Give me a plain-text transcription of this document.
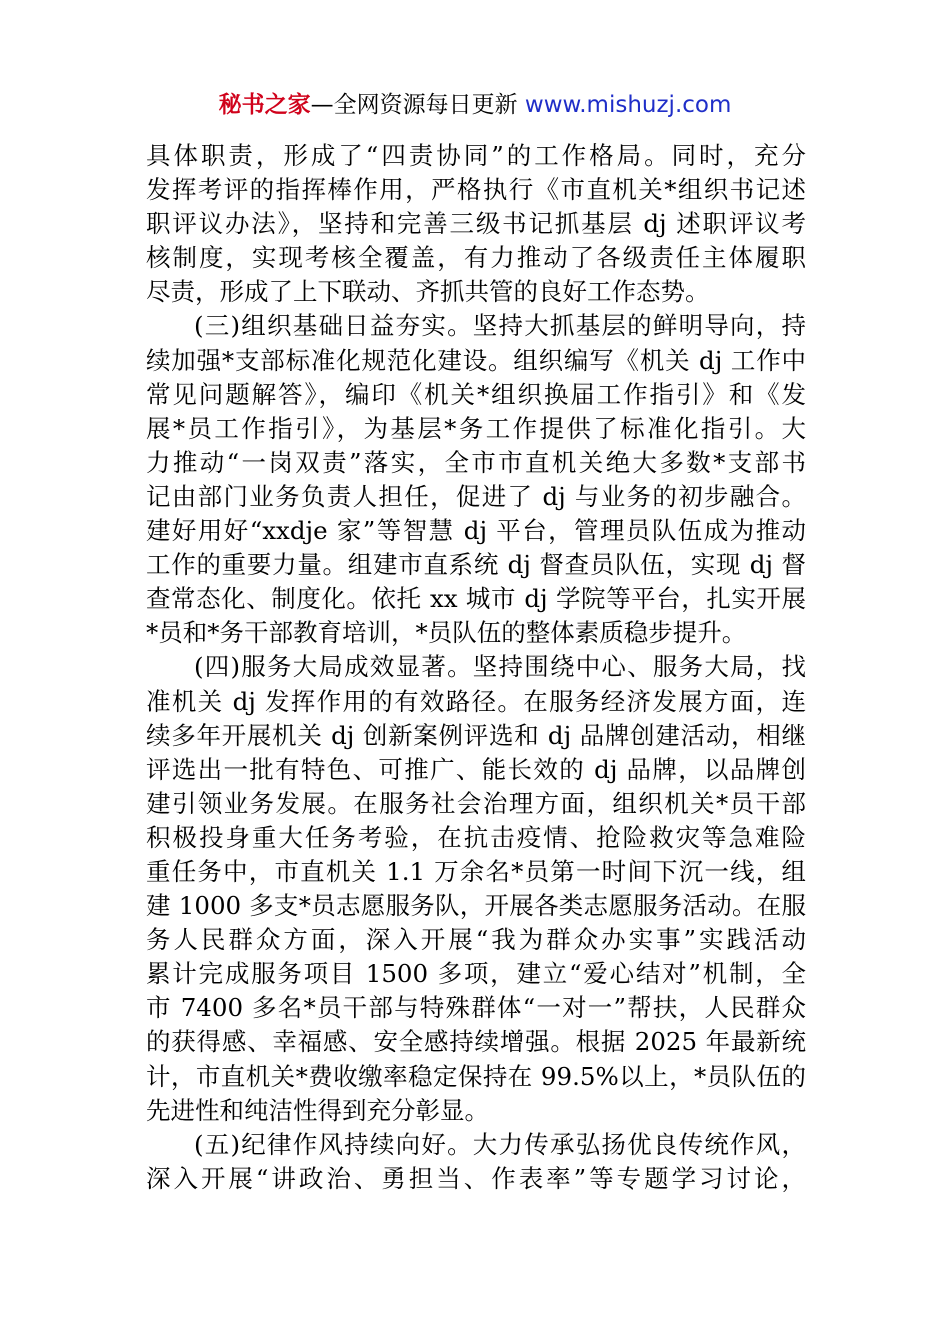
秘书之家—全网资源每日更新 www.mishuzj.com
具体职责，形成了“四责协同”的工作格局。同时，充分
发挥考评的指挥棒作用，严格执行《市直机关*组织书记述
职评议办法》，坚持和完善三级书记抓基层 dj 述职评议考
核制度，实现考核全覆盖，有力推动了各级责任主体履职
尽责，形成了上下联动、齐抓共管的良好工作态势。
(三)组织基础日益夯实。坚持大抓基层的鲜明导向，持
续加强*支部标准化规范化建设。组织编写《机关 dj 工作中
常见问题解答》，编印《机关*组织换届工作指引》和《发
展*员工作指引》，为基层*务工作提供了标准化指引。大
力推动“一岗双责”落实，全市市直机关绝大多数*支部书
记由部门业务负责人担任，促进了 dj 与业务的初步融合。
建好用好“xxdje 家”等智慧 dj 平台，管理员队伍成为推动
工作的重要力量。组建市直系统 dj 督查员队伍，实现 dj 督
查常态化、制度化。依托 xx 城市 dj 学院等平台，扎实开展
*员和*务干部教育培训，*员队伍的整体素质稳步提升。
(四)服务大局成效显著。坚持围绕中心、服务大局，找
准机关 dj 发挥作用的有效路径。在服务经济发展方面，连
续多年开展机关 dj 创新案例评选和 dj 品牌创建活动，相继
评选出一批有特色、可推广、能长效的 dj 品牌，以品牌创
建引领业务发展。在服务社会治理方面，组织机关*员干部
积极投身重大任务考验，在抗击疫情、抢险救灾等急难险
重任务中，市直机关 1.1 万余名*员第一时间下沉一线，组
建 1000 多支*员志愿服务队，开展各类志愿服务活动。在服
务人民群众方面，深入开展“我为群众办实事”实践活动
累计完成服务项目 1500 多项，建立“爱心结对”机制，全
市 7400 多名*员干部与特殊群体“一对一”帮扶，人民群众
的获得感、幸福感、安全感持续增强。根据 2025 年最新统
计，市直机关*费收缴率稳定保持在 99.5%以上，*员队伍的
先进性和纯洁性得到充分彰显。
(五)纪律作风持续向好。大力传承弘扬优良传统作风，
深入开展“讲政治、勇担当、作表率”等专题学习讨论，
